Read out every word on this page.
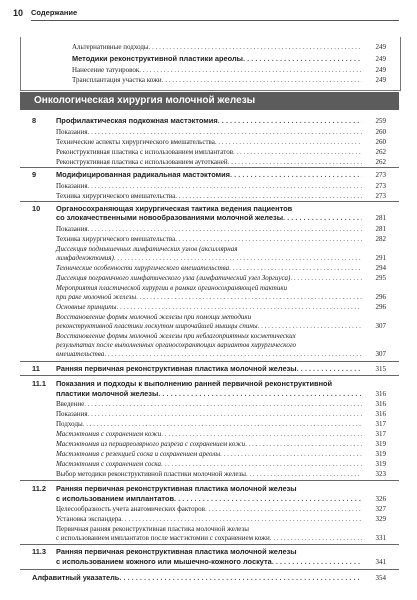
10 Содержание
Альтернативные подходы . . .	249
Методики реконструктивной пластики ареолы . . .	249
Нанесение татуировок . . .	249
Трансплантация участка кожи . . .	249
Онкологическая хирургия молочной железы
8	Профилактическая подкожная мастэктомия . . .	259
Показания . . .	260
Технические аспекты хирургического вмешательства . . .	260
Реконструктивная пластика с использованием имплантатов . . .	262
Реконструктивная пластика с использованием аутотканей . . .	262
9	Модифицированная радикальная мастэктомия . . .	273
Показания . . .	273
Техника хирургического вмешательства . . .	273
10 Органосохраняющая хирургическая тактика ведения пациентов
со злокачественными новообразованиями молочной железы . . .	281
Показания . . .	281
Техника хирургического вмешательства . . .	282
Диссекция подмышечных лимфатических узлов (аксиллярная
лимфаденэктомия) . . .	291
Технические особенности хирургического вмешательства . . .	294
Диссекция пограничного лимфатического узла (лимфатический узел Зоргиуса) . . .	295
Мероприятия пластической хирургии в рамках органосохраняющей тактики
при раке молочной железы . . .	296
Основные принципы . . .	296
Восстановление формы молочной железы при помощи методики
реконструктивной пластики лоскутом широчайшей мышцы спины . . .	307
Восстановление формы молочной железы при неблагоприятных косметических
результатах после выполненных органосохраняющих вариантов хирургического
вмешательства . . .	307
11 Ранняя первичная реконструктивная пластика молочной железы . . .	315
11.1 Показания и подходы к выполнению ранней первичной реконструктивной
пластики молочной железы . . .	316
Введение . . .	316
Показания . . .	316
Подходы . . .	317
Мастэктомия с сохранением кожи . . .	317
Мастэктомия из периареолярного разреза с сохранением кожи . . .	319
Мастэктомия с резекцией соска и сохранением ареолы . . .	319
Мастэктомия с сохранением соска . . .	319
Выбор методики реконструктивной пластики молочной железы . . .	323
11.2 Ранняя первичная реконструктивная пластика молочной железы
с использованием имплантатов . . .	326
Целесообразность учета анатомических факторов . . .	327
Установка экспандера . . .	329
Первичная ранняя реконструктивная пластика молочной железы
с использованием имплантатов после мастэктомии с сохранением кожи . . .	331
11.3 Ранняя первичная реконструктивная пластика молочной железы
с использованием кожного или мышечно-кожного лоскута . . .	341
Алфавитный указатель . . .	354
